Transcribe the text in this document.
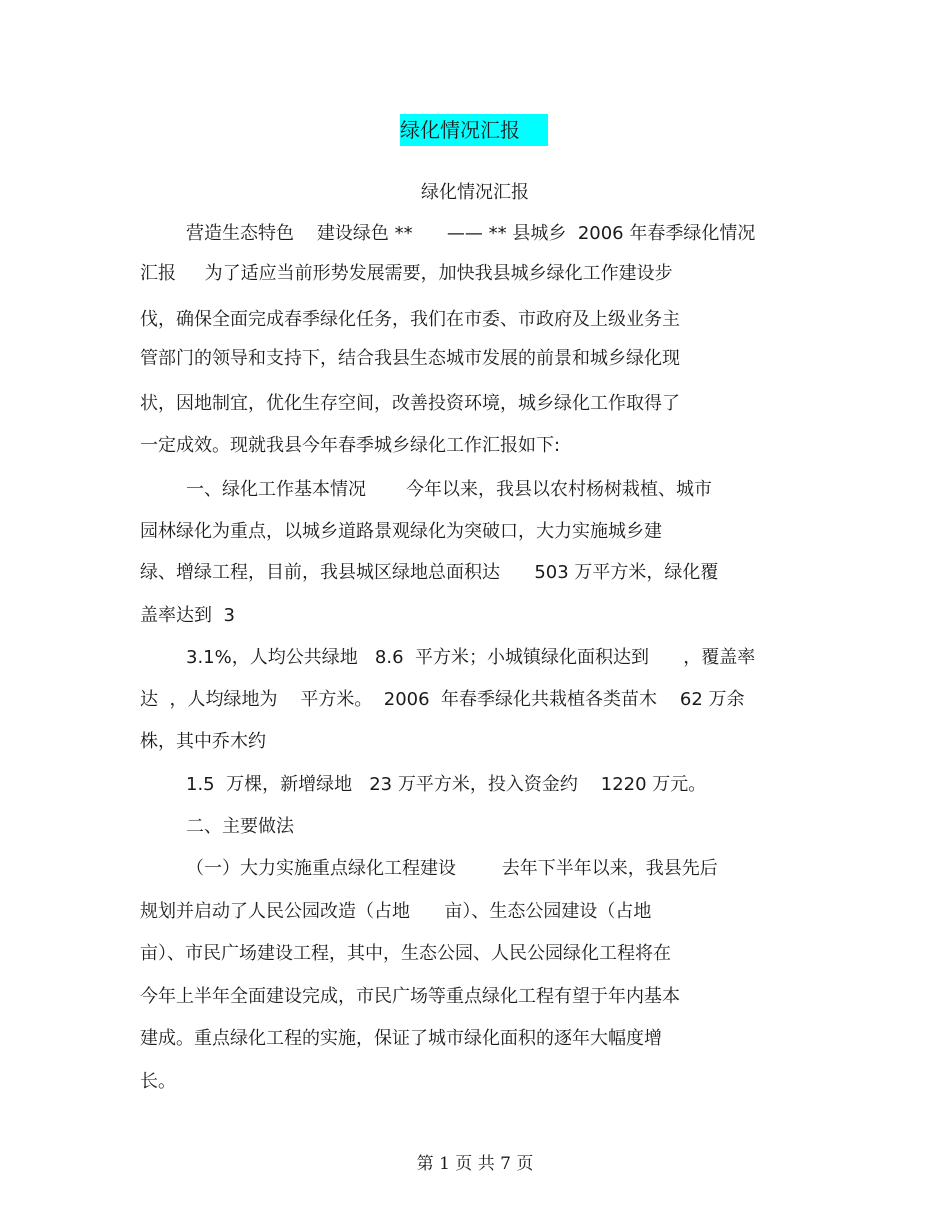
绿化情况汇报
绿化情况汇报
营造生态特色    建设绿色 **      —— ** 县城乡  2006 年春季绿化情况
汇报     为了适应当前形势发展需要，加快我县城乡绿化工作建设步
伐，确保全面完成春季绿化任务，我们在市委、市政府及上级业务主
管部门的领导和支持下，结合我县生态城市发展的前景和城乡绿化现
状，因地制宜，优化生存空间，改善投资环境，城乡绿化工作取得了
一定成效。现就我县今年春季城乡绿化工作汇报如下:
一、绿化工作基本情况       今年以来，我县以农村杨树栽植、城市
园林绿化为重点，以城乡道路景观绿化为突破口，大力实施城乡建
绿、增绿工程，目前，我县城区绿地总面积达      503 万平方米，绿化覆
盖率达到  3
3.1%，人均公共绿地   8.6  平方米；小城镇绿化面积达到      ，覆盖率
达  ，人均绿地为    平方米。  2006  年春季绿化共栽植各类苗木    62 万余
株，其中乔木约
1.5  万棵，新增绿地   23 万平方米，投入资金约    1220 万元。
二、主要做法
（一）大力实施重点绿化工程建设        去年下半年以来，我县先后
规划并启动了人民公园改造（占地      亩）、生态公园建设（占地
亩）、市民广场建设工程，其中，生态公园、人民公园绿化工程将在
今年上半年全面建设完成，市民广场等重点绿化工程有望于年内基本
建成。重点绿化工程的实施，保证了城市绿化面积的逐年大幅度增
长。
第 1 页 共 7 页
